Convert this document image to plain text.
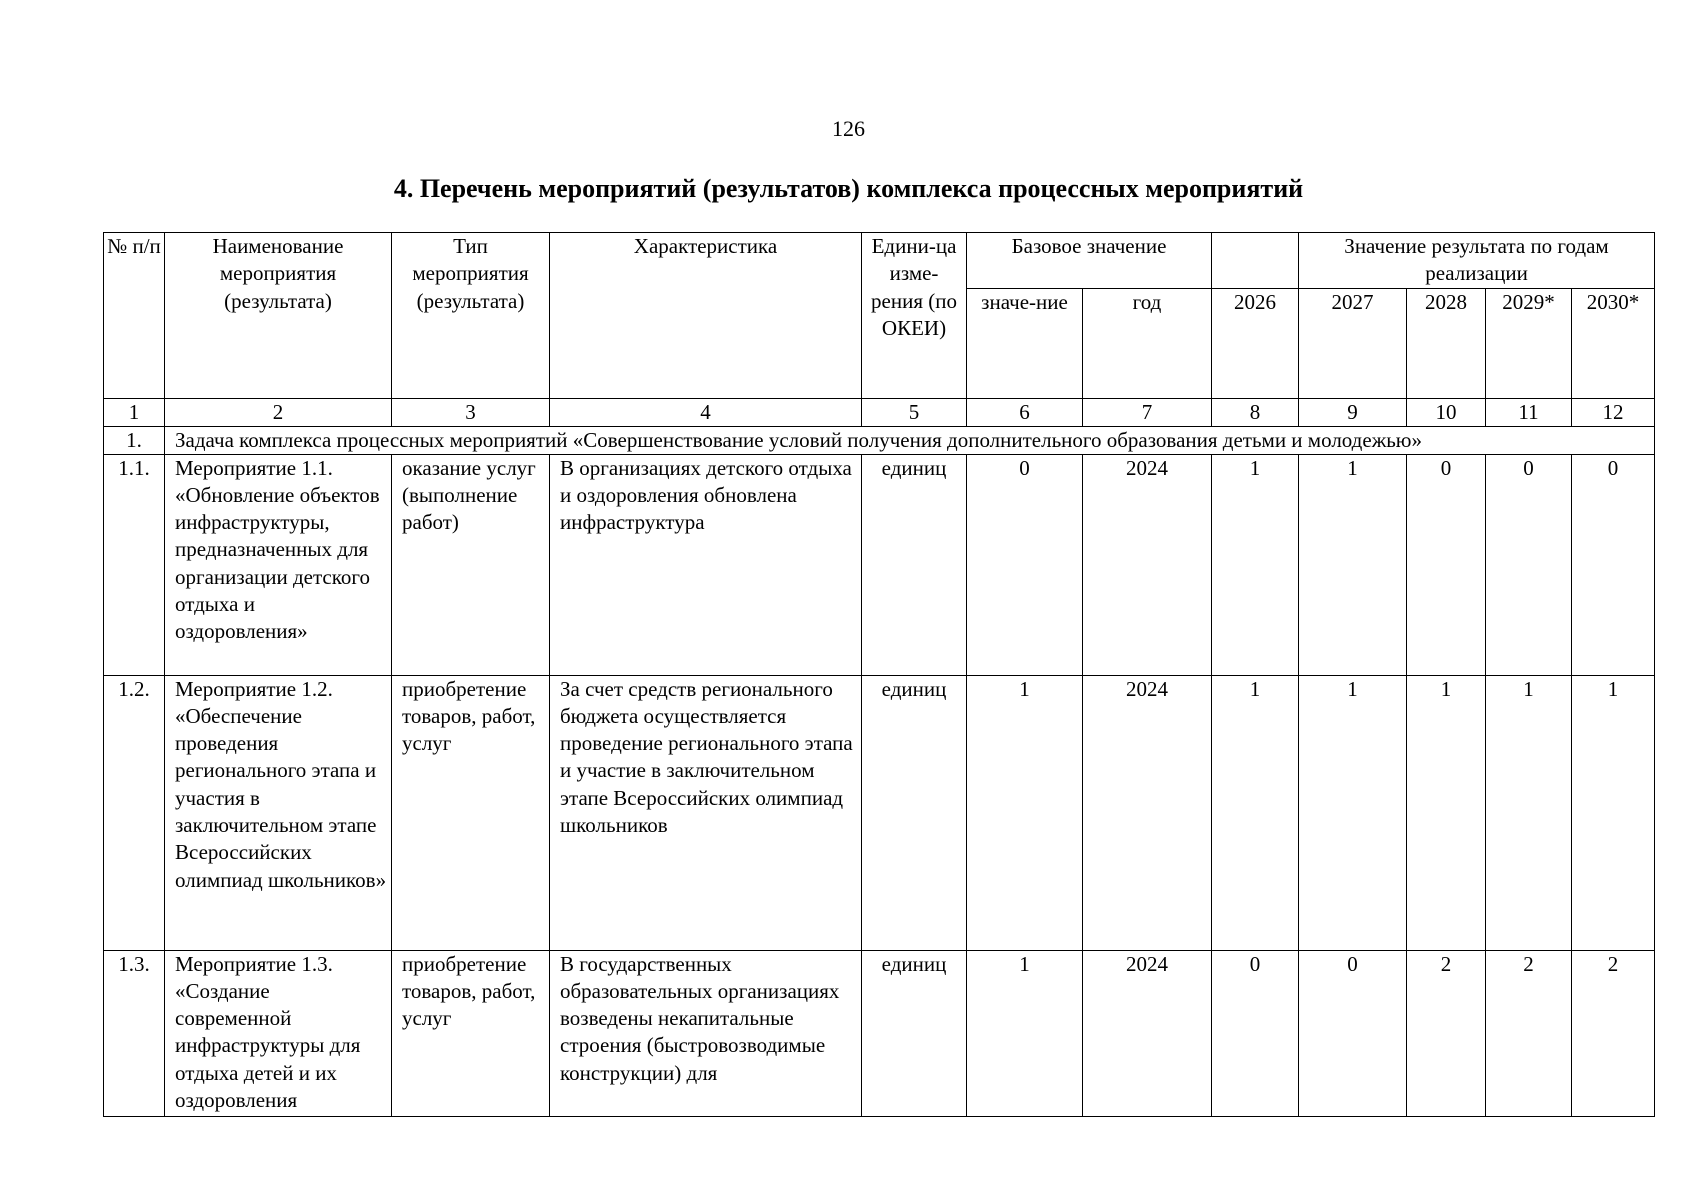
126
4. Перечень мероприятий (результатов) комплекса процессных мероприятий
№ п/п	Наименование мероприятия (результата)	Тип мероприятия (результата)	Характеристика	Едини-ца изме-рения (по ОКЕИ)	Базовое значение			Значение результата по годам реализации			
					значе-ние	год	2026	2027	2028	2029*	2030*
1	2	3	4	5	6	7	8	9	10	11	12
1.	Задача комплекса процессных мероприятий «Совершенствование условий получения дополнительного образования детьми и молодежью»										
1.1.	Мероприятие 1.1. «Обновление объектов инфраструктуры, предназначенных для организации детского отдыха и оздоровления»	оказание услуг (выполнение работ)	В организациях детского отдыха и оздоровления обновлена инфраструктура	единиц	0	2024	1	1	0	0	0
1.2.	Мероприятие 1.2. «Обеспечение проведения регионального этапа и участия в заключительном этапе Всероссийских олимпиад школьников»	приобретение товаров, работ, услуг	За счет средств регионального бюджета осуществляется проведение регионального этапа и участие в заключительном этапе Всероссийских олимпиад школьников	единиц	1	2024	1	1	1	1	1
1.3.	Мероприятие 1.3. «Создание современной инфраструктуры для отдыха детей и их оздоровления	приобретение товаров, работ, услуг	В государственных образовательных организациях возведены некапитальные строения (быстровозводимые конструкции) для	единиц	1	2024	0	0	2	2	2
